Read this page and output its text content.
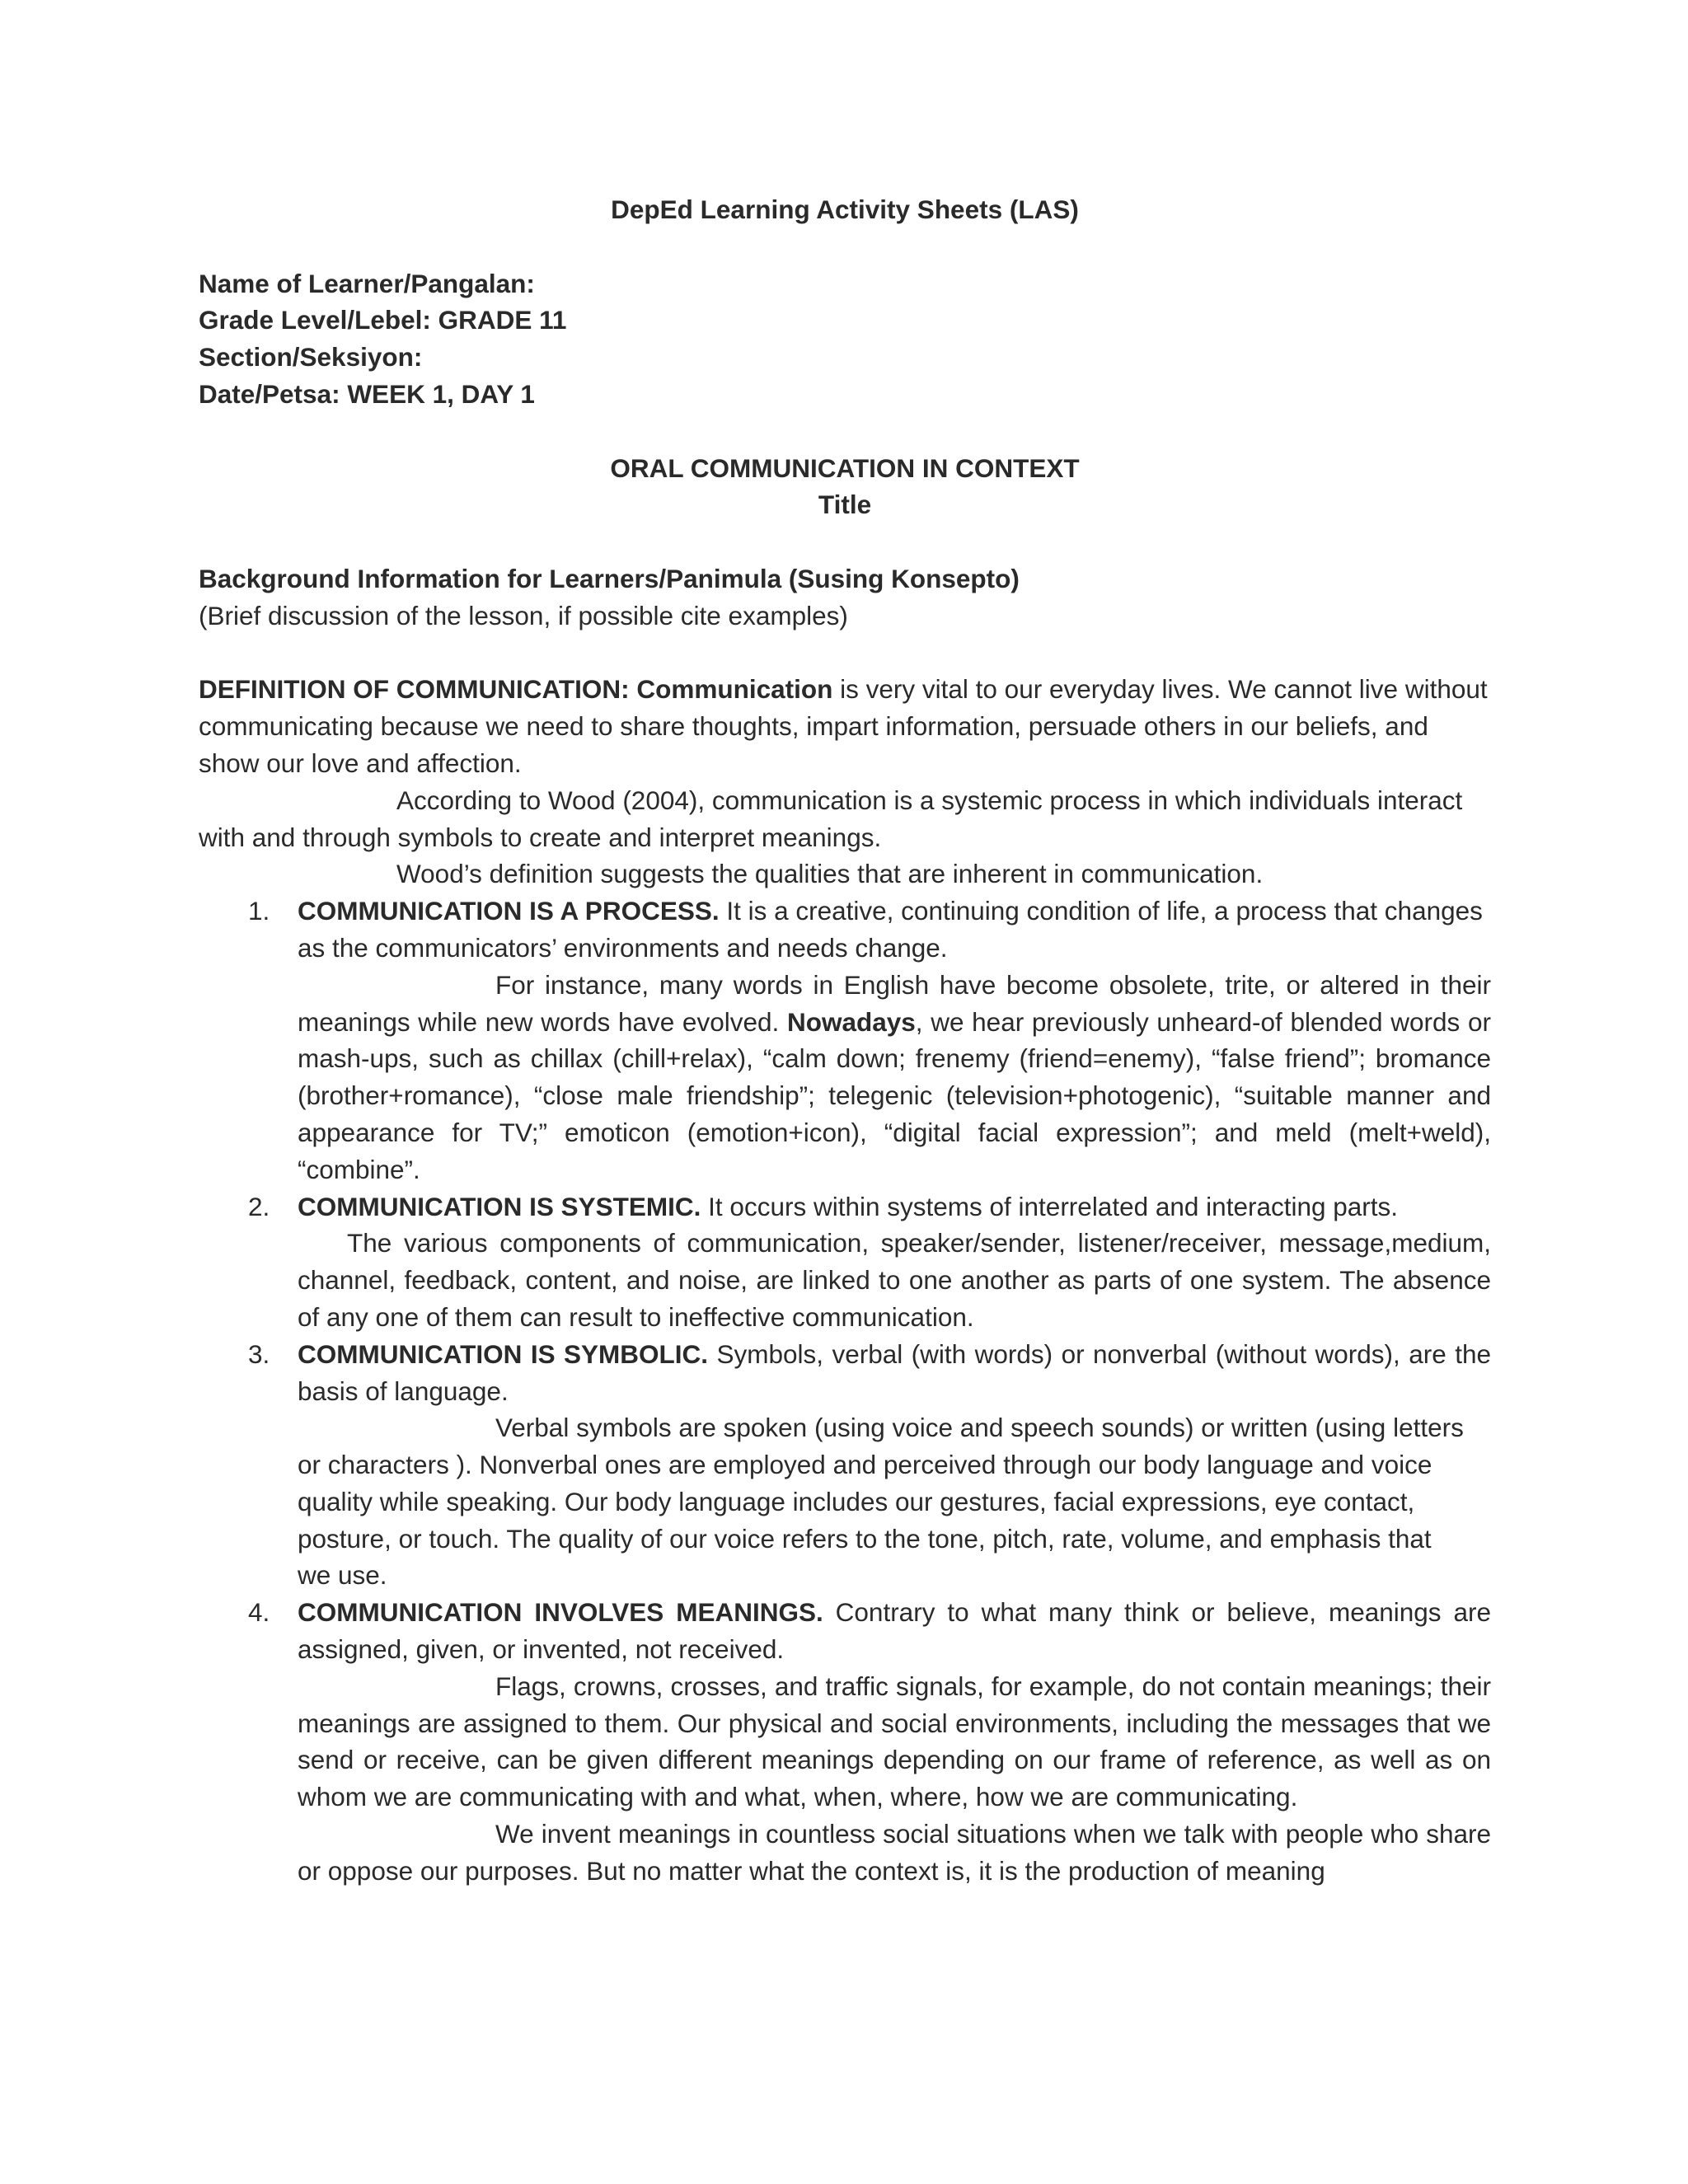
DepEd Learning Activity Sheets (LAS)
Name of Learner/Pangalan:
Grade Level/Lebel: GRADE 11
Section/Seksiyon:
Date/Petsa: WEEK 1, DAY 1
ORAL COMMUNICATION IN CONTEXT
Title
Background Information for Learners/Panimula (Susing Konsepto)
(Brief discussion of the lesson, if possible cite examples)

DEFINITION OF COMMUNICATION: Communication is very vital to our everyday lives. We cannot live without communicating because we need to share thoughts, impart information, persuade others in our beliefs, and show our love and affection.

According to Wood (2004), communication is a systemic process in which individuals interact with and through symbols to create and interpret meanings.

Wood’s definition suggests the qualities that are inherent in communication.

1. COMMUNICATION IS A PROCESS. It is a creative, continuing condition of life, a process that changes as the communicators’ environments and needs change.

For instance, many words in English have become obsolete, trite, or altered in their meanings while new words have evolved. Nowadays, we hear previously unheard-of blended words or mash-ups, such as chillax (chill+relax), “calm down; frenemy (friend=enemy), “false friend”; bromance (brother+romance), “close male friendship”; telegenic (television+photogenic), “suitable manner and appearance for TV;” emoticon (emotion+icon), “digital facial expression”; and meld (melt+weld), “combine”.

2. COMMUNICATION IS SYSTEMIC. It occurs within systems of interrelated and interacting parts.

The various components of communication, speaker/sender, listener/receiver, message,medium, channel, feedback, content, and noise, are linked to one another as parts of one system. The absence of any one of them can result to ineffective communication.

3. COMMUNICATION IS SYMBOLIC. Symbols, verbal (with words) or nonverbal (without words), are the basis of language.

Verbal symbols are spoken (using voice and speech sounds) or written (using letters or characters ). Nonverbal ones are employed and perceived through our body language and voice quality while speaking. Our body language includes our gestures, facial expressions, eye contact, posture, or touch. The quality of our voice refers to the tone, pitch, rate, volume, and emphasis that     we use.

4. COMMUNICATION INVOLVES MEANINGS. Contrary to what many think or believe, meanings are assigned, given, or invented, not received.

Flags, crowns, crosses, and traffic signals, for example, do not contain meanings; their meanings are assigned to them. Our physical and social environments, including the messages that we send or receive, can be given different meanings depending on our frame of reference, as well as on whom we are communicating with and what, when, where, how we are communicating.

We invent meanings in countless social situations when we talk with people who share or oppose our purposes. But no matter what the context is, it is the production of meaning
